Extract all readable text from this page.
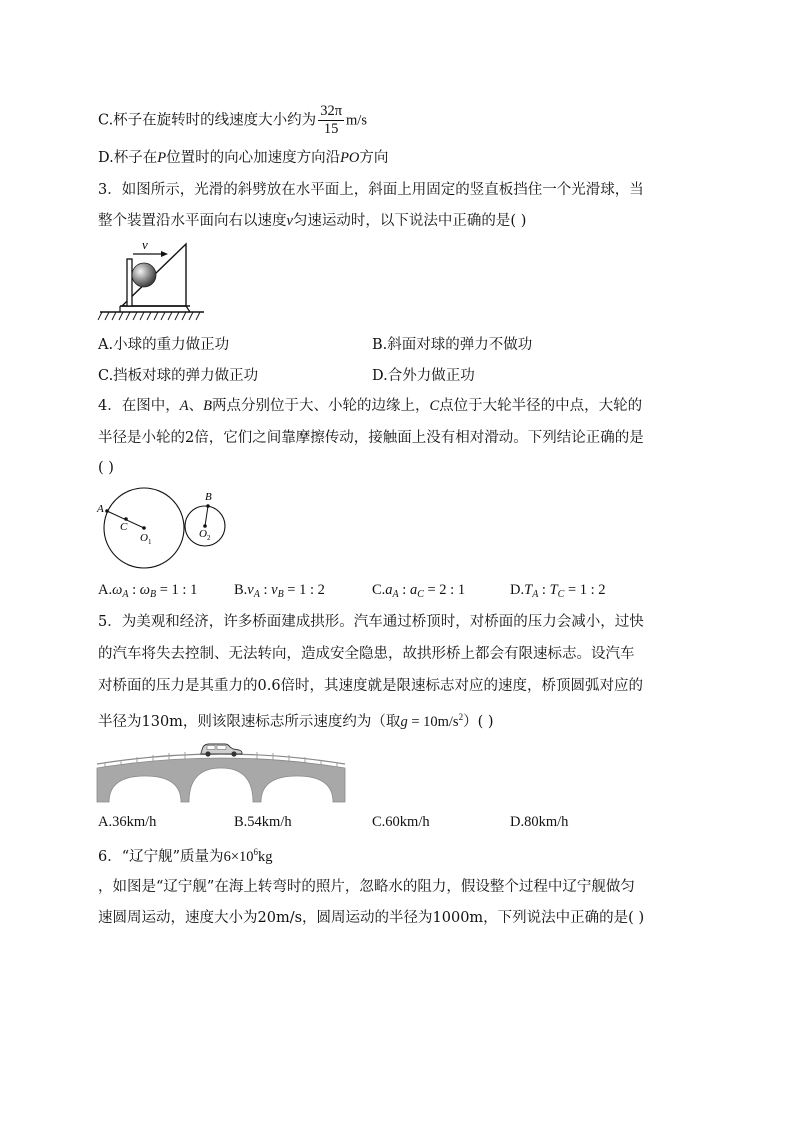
C.杯子在旋转时的线速度大小约为 $\frac{32\pi}{15} m/s$
D.杯子在P位置时的向心加速度方向沿PO方向
3．如图所示，光滑的斜劈放在水平面上，斜面上用固定的竖直板挡住一个光滑球，当
整个装置沿水平面向右以速度v匀速运动时，以下说法中正确的是( )
v
A.小球的重力做正功	B.斜面对球的弹力不做功
C.挡板对球的弹力做正功	D.合外力做正功
4．在图中，A、B两点分别位于大、小轮的边缘上，C点位于大轮半径的中点，大轮的
半径是小轮的2倍，它们之间靠摩擦传动，接触面上没有相对滑动。下列结论正确的是
( )
A
C
$O_1$
B
$O_2$
$A.\omega_A$ : $\omega_B = 1$ : 1	$B.v_A$ : $v_B = 1$ : 2	$C.a_A$ : $a_C = 2$ : 1	$D.T_A$ : $T_C = 1$ : 2
5．为美观和经济，许多桥面建成拱形。汽车通过桥顶时，对桥面的压力会减小，过快
的汽车将失去控制、无法转向，造成安全隐患，故拱形桥上都会有限速标志。设汽车
对桥面的压力是其重力的0.6倍时，其速度就是限速标志对应的速度，桥顶圆弧对应的
半径为130m，则该限速标志所示速度约为（取$g = 10m/s^2$）( )
A.36km/h	B.54km/h	C.60km/h	D.80km/h
6．“辽宁舰”质量为$6\times 10^6kg$
，如图是“辽宁舰”在海上转弯时的照片，忽略水的阻力，假设整个过程中辽宁舰做匀
速圆周运动，速度大小为20m/s，圆周运动的半径为1000m，下列说法中正确的是( )
